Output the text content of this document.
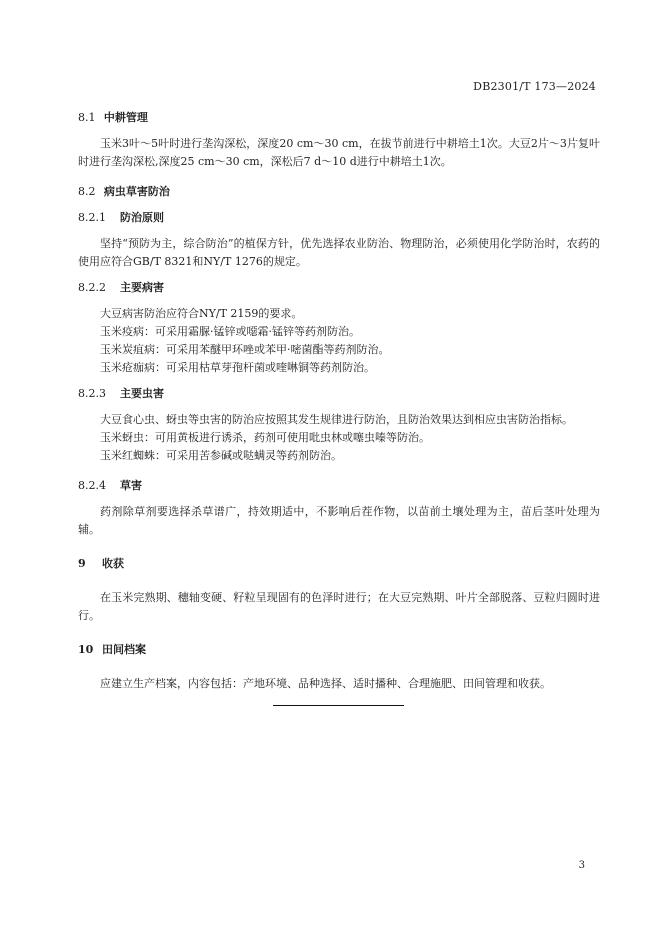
DB2301/T 173—2024
8.1 中耕管理

玉米3叶～5叶时进行垄沟深松，深度20 cm～30 cm，在拔节前进行中耕培土1次。大豆2片～3片复叶时进行垄沟深松,深度25 cm～30 cm，深松后7 d～10 d进行中耕培土1次。

8.2 病虫草害防治
8.2.1 防治原则

坚持“预防为主，综合防治”的植保方针，优先选择农业防治、物理防治，必须使用化学防治时，农药的使用应符合GB/T 8321和NY/T 1276的规定。

8.2.2 主要病害

大豆病害防治应符合NY/T 2159的要求。

玉米疫病：可采用霜脲·锰锌或噁霜·锰锌等药剂防治。

玉米炭疽病：可采用苯醚甲环唑或苯甲·嘧菌酯等药剂防治。

玉米疮痂病：可采用枯草芽孢杆菌或喹啉铜等药剂防治。

8.2.3 主要虫害

大豆食心虫、蚜虫等虫害的防治应按照其发生规律进行防治，且防治效果达到相应虫害防治指标。

玉米蚜虫：可用黄板进行诱杀，药剂可使用吡虫林或噻虫嗪等防治。

玉米红蜘蛛：可采用苦参碱或哒螨灵等药剂防治。

8.2.4 草害

药剂除草剂要选择杀草谱广，持效期适中，不影响后茬作物，以苗前土壤处理为主，苗后茎叶处理为辅。

9 收获

在玉米完熟期、穗轴变硬、籽粒呈现固有的色泽时进行；在大豆完熟期、叶片全部脱落、豆粒归圆时进行。

10 田间档案

应建立生产档案，内容包括：产地环境、品种选择、适时播种、合理施肥、田间管理和收获。

3
